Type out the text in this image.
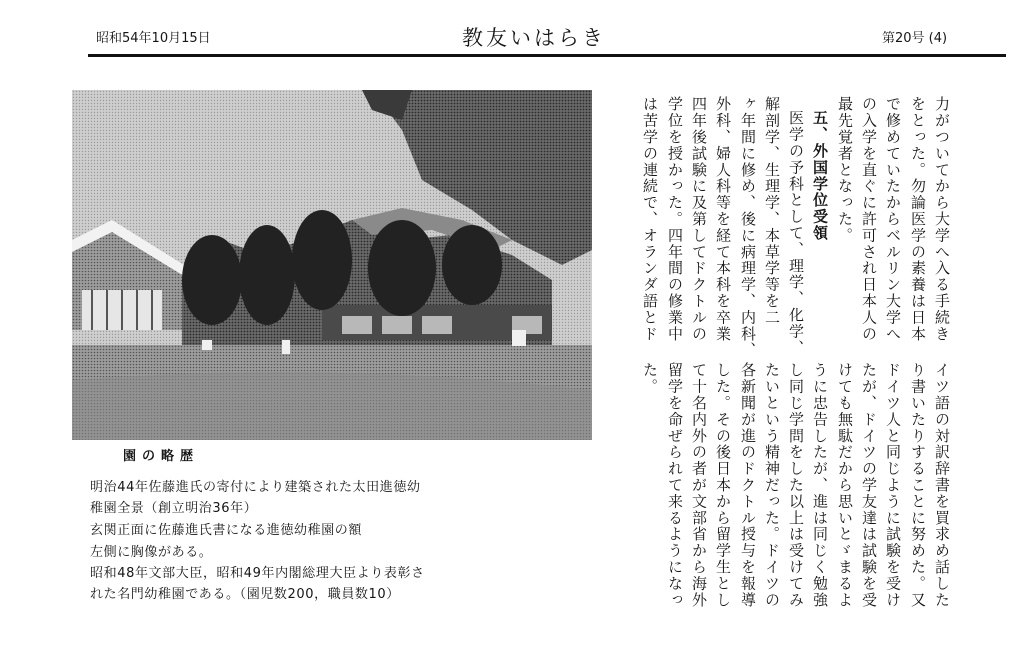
昭和54年10月15日	教友いはらき	第20号 (4)
園の略歴
明治44年佐藤進氏の寄付により建築された太田進徳幼
稚園全景（創立明治36年）
玄関正面に佐藤進氏書になる進徳幼稚園の額
左側に胸像がある。
昭和48年文部大臣，昭和49年内閣総理大臣より表彰さ
れた名門幼稚園である。（園児数200，職員数10）
力がついてから大学へ入る手続き
をとった。勿論医学の素養は日本
で修めていたからベルリン大学へ
の入学を直ぐに許可され日本人の
最先覚者となった。
五、外国学位受領
医学の予科として、理学、化学、
解剖学、生理学、本草学等を二
ヶ年間に修め、後に病理学、内科、
外科、婦人科等を経て本科を卒業
四年後試験に及第してドクトルの
学位を授かった。四年間の修業中
は苦学の連続で、オランダ語とド
イツ語の対訳辞書を買求め話した
り書いたりすることに努めた。又
ドイツ人と同じように試験を受け
たが、ドイツの学友達は試験を受
けても無駄だから思いとゞまるよ
うに忠告したが、進は同じく勉強
し同じ学問をした以上は受けてみ
たいという精神だった。ドイツの
各新聞が進のドクトル授与を報導
した。その後日本から留学生とし
て十名内外の者が文部省から海外
留学を命ぜられて来るようになっ
た。
